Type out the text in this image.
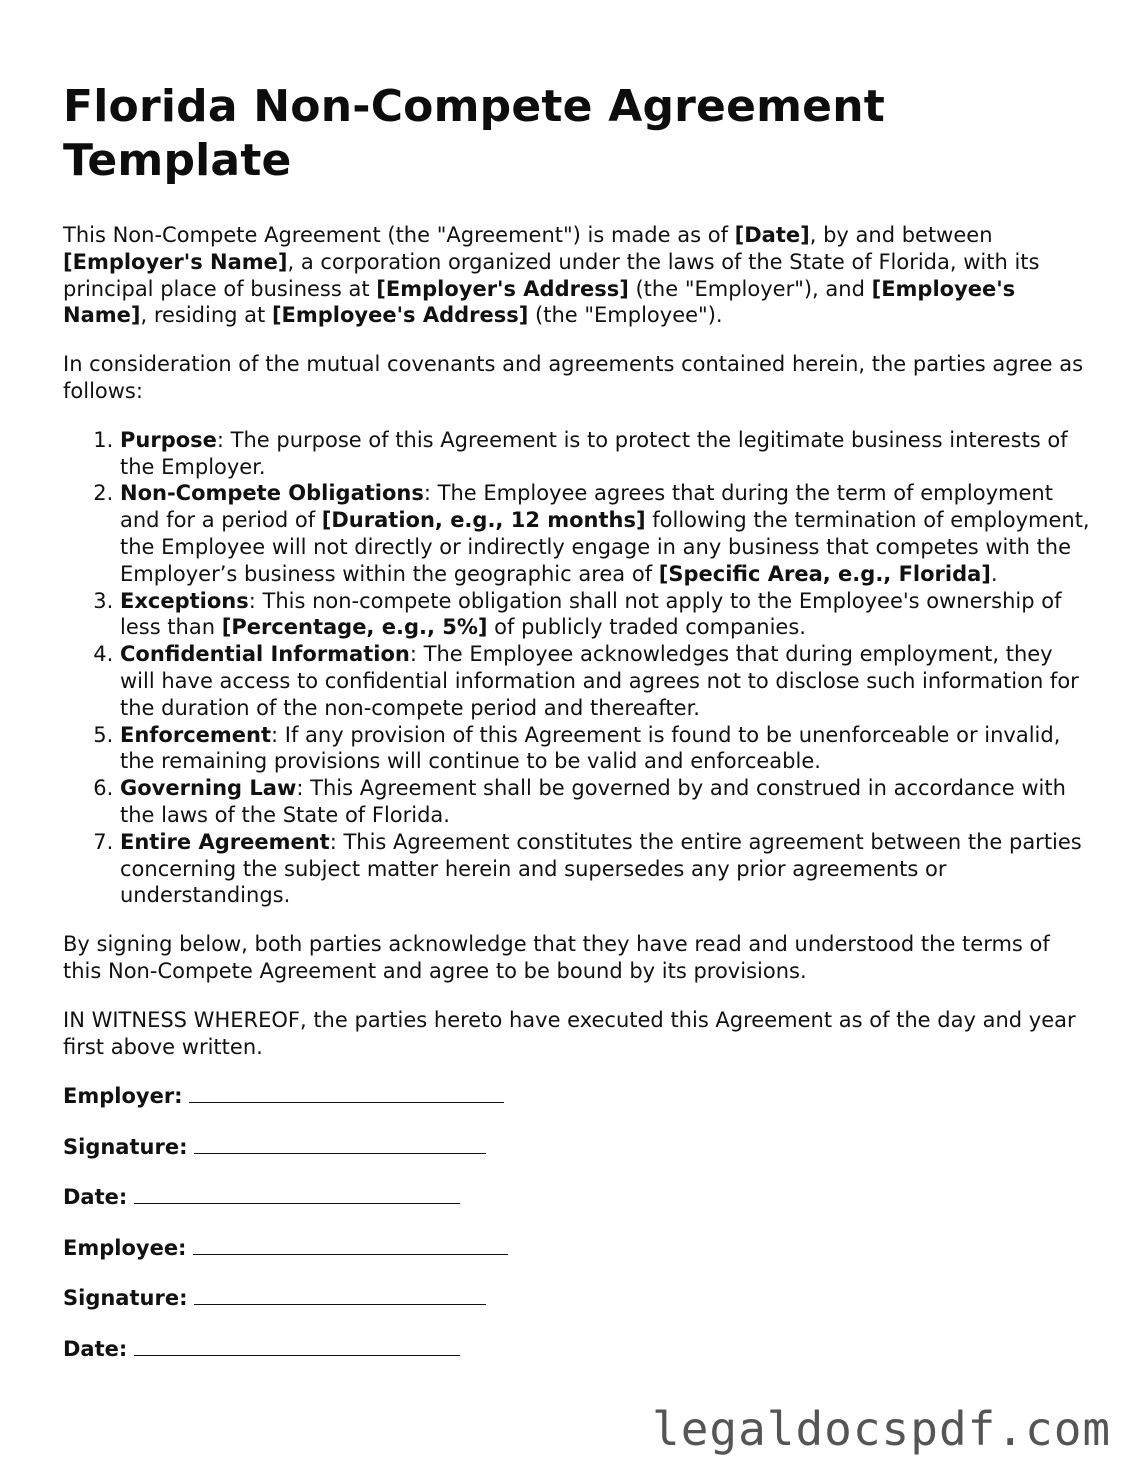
Florida Non-Compete Agreement Template

This Non-Compete Agreement (the "Agreement") is made as of [Date], by and between [Employer's Name], a corporation organized under the laws of the State of Florida, with its principal place of business at [Employer's Address] (the "Employer"), and [Employee's Name], residing at [Employee's Address] (the "Employee").

In consideration of the mutual covenants and agreements contained herein, the parties agree as follows:

1. Purpose: The purpose of this Agreement is to protect the legitimate business interests of the Employer.
2. Non-Compete Obligations: The Employee agrees that during the term of employment and for a period of [Duration, e.g., 12 months] following the termination of employment, the Employee will not directly or indirectly engage in any business that competes with the Employer’s business within the geographic area of [Specific Area, e.g., Florida].
3. Exceptions: This non-compete obligation shall not apply to the Employee's ownership of less than [Percentage, e.g., 5%] of publicly traded companies.
4. Confidential Information: The Employee acknowledges that during employment, they will have access to confidential information and agrees not to disclose such information for the duration of the non-compete period and thereafter.
5. Enforcement: If any provision of this Agreement is found to be unenforceable or invalid, the remaining provisions will continue to be valid and enforceable.
6. Governing Law: This Agreement shall be governed by and construed in accordance with the laws of the State of Florida.
7. Entire Agreement: This Agreement constitutes the entire agreement between the parties concerning the subject matter herein and supersedes any prior agreements or understandings.

By signing below, both parties acknowledge that they have read and understood the terms of this Non-Compete Agreement and agree to be bound by its provisions.

IN WITNESS WHEREOF, the parties hereto have executed this Agreement as of the day and year first above written.

Employer:
Signature:
Date:
Employee:
Signature:
Date:
legaldocspdf.com
